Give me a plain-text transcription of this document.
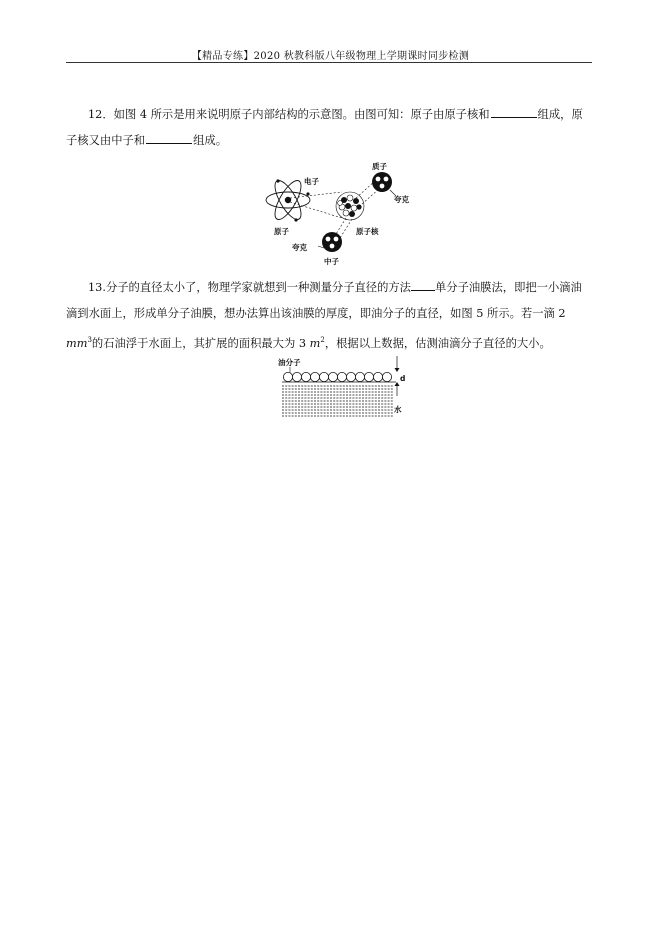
【精品专练】2020 秋教科版八年级物理上学期课时同步检测

12．如图 4 所示是用来说明原子内部结构的示意图。由图可知：原子由原子核和	组成，原

子核又由中子和	组成。

电子
原子	原子核
质子
夸克
中子
夸克

13.分子的直径太小了，物理学家就想到一种测量分子直径的方法 单分子油膜法，即把一小滴油

滴到水面上，形成单分子油膜，想办法算出该油膜的厚度，即油分子的直径，如图 5 所示。若一滴 2

$mm^3$的石油浮于水面上，其扩展的面积最大为 3 $m^2$，根据以上数据，估测油滴分子直径的大小。

油分子
d
水
